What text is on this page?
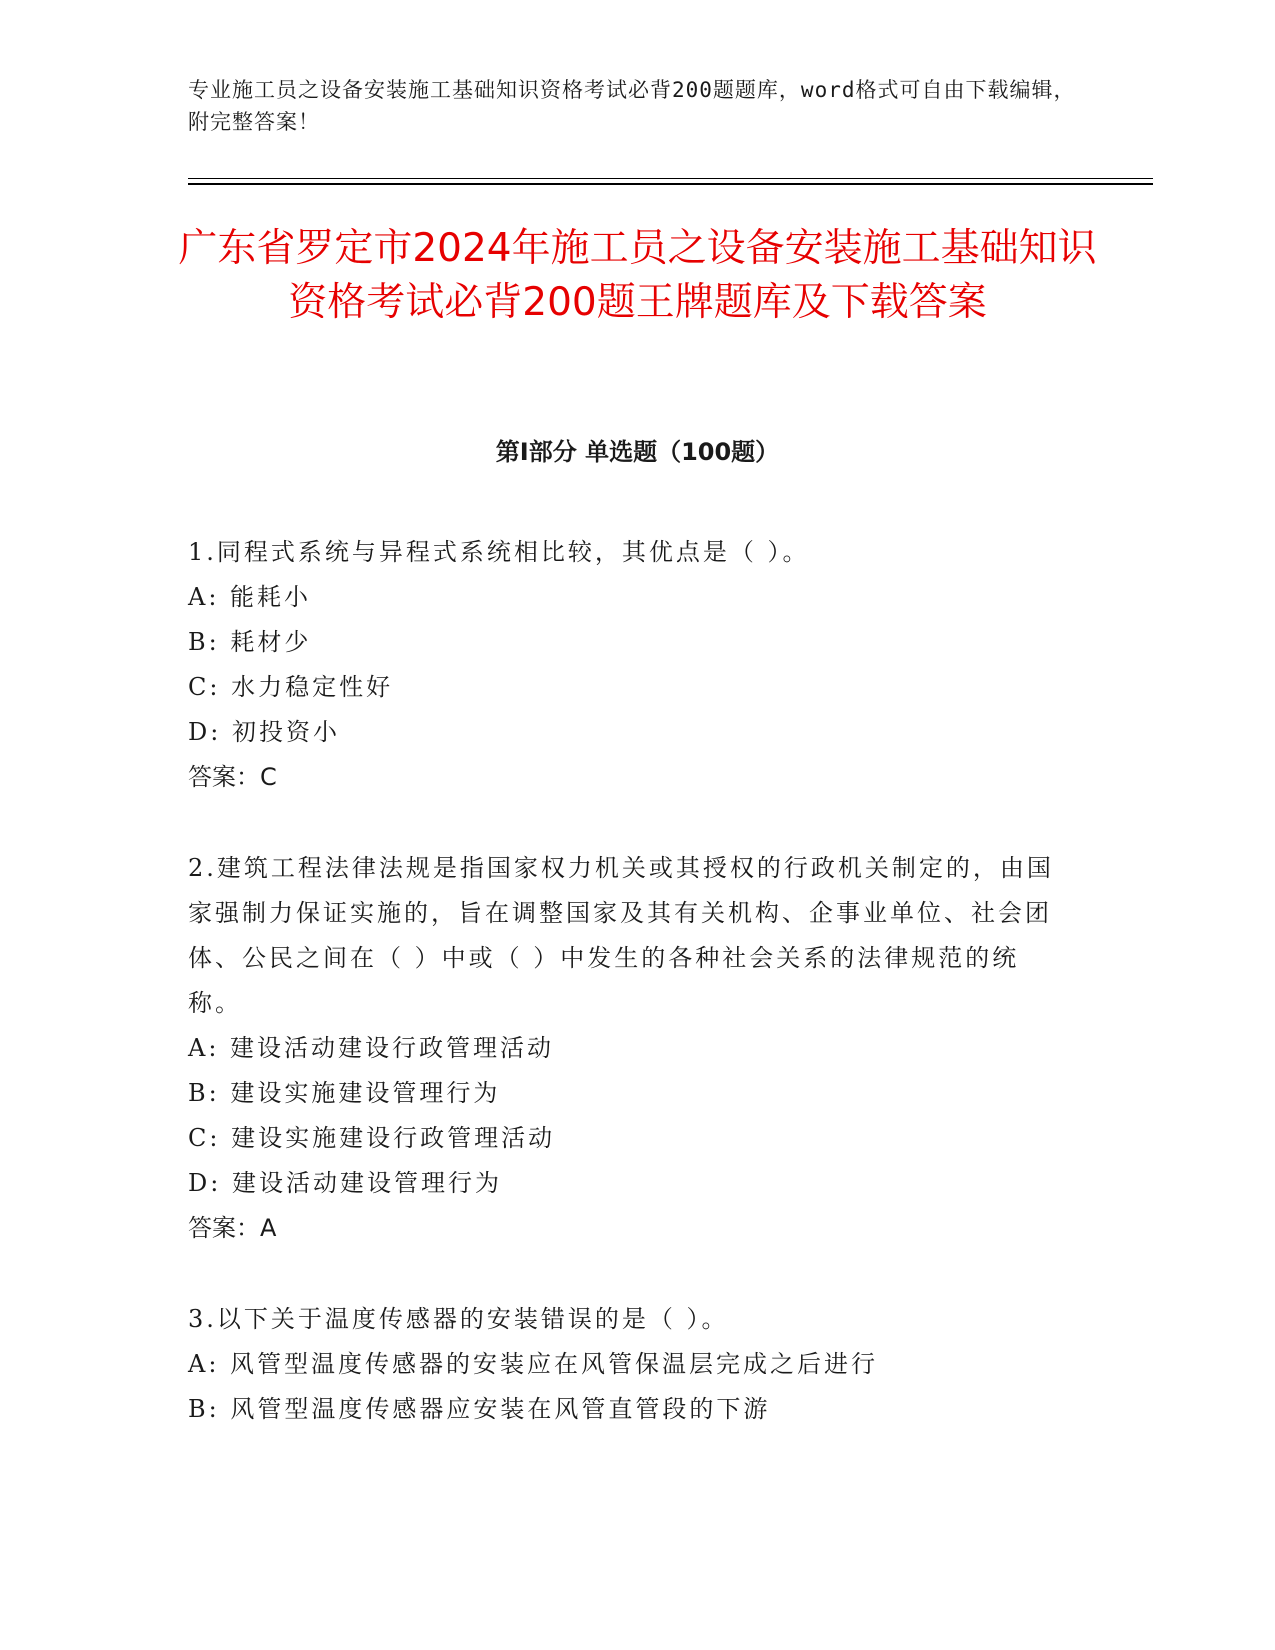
专业施工员之设备安装施工基础知识资格考试必背200题题库，word格式可自由下载编辑，附完整答案！
广东省罗定市2024年施工员之设备安装施工基础知识资格考试必背200题王牌题库及下载答案
第Ⅰ部分 单选题（100题）

1.同程式系统与异程式系统相比较，其优点是（ ）。

A: 能耗小

B: 耗材少

C: 水力稳定性好

D: 初投资小

答案：C

2.建筑工程法律法规是指国家权力机关或其授权的行政机关制定的，由国家强制力保证实施的，旨在调整国家及其有关机构、企事业单位、社会团体、公民之间在（ ）中或（ ）中发生的各种社会关系的法律规范的统称。

A: 建设活动建设行政管理活动

B: 建设实施建设管理行为

C: 建设实施建设行政管理活动

D: 建设活动建设管理行为

答案：A

3.以下关于温度传感器的安装错误的是（ ）。

A: 风管型温度传感器的安装应在风管保温层完成之后进行

B: 风管型温度传感器应安装在风管直管段的下游
